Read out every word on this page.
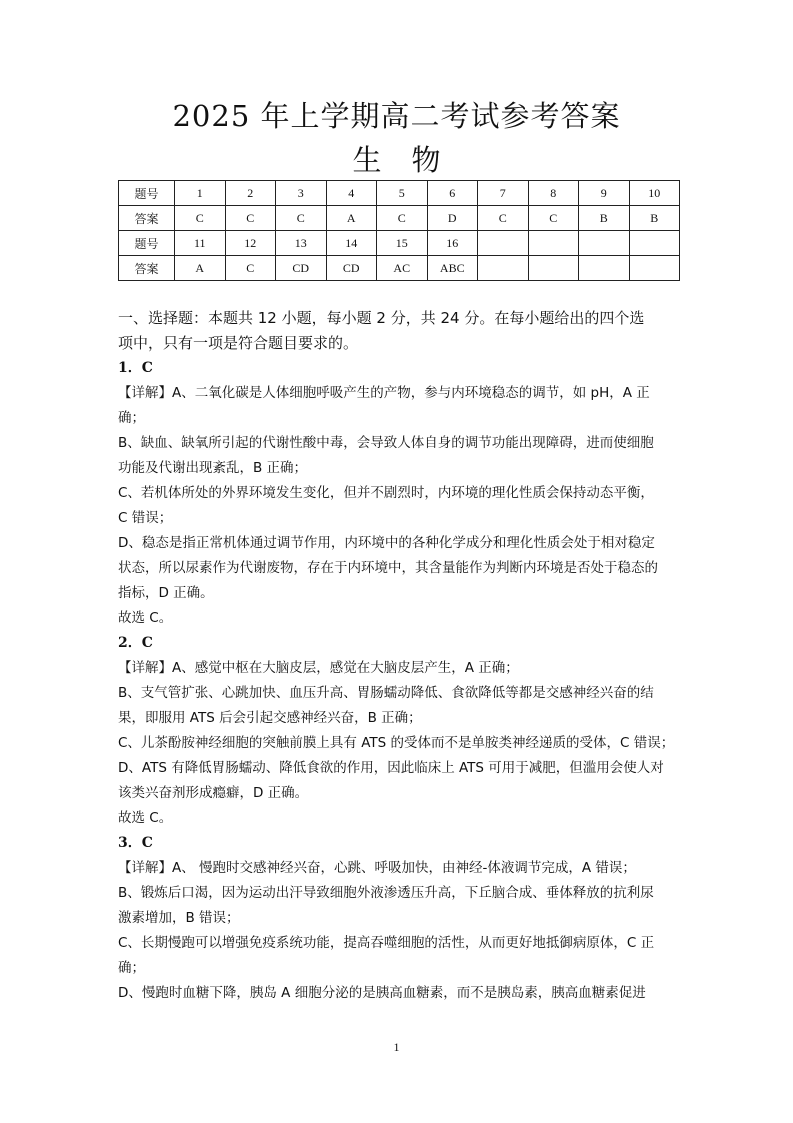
2025 年上学期高二考试参考答案
生物
题号	1	2	3	4	5	6	7	8	9	10
答案	C	C	C	A	C	D	C	C	B	B
题号	11	12	13	14	15	16				
答案	A	C	CD	CD	AC	ABC				

一、选择题：本题共 12 小题，每小题 2 分，共 24 分。在每小题给出的四个选

项中，只有一项是符合题目要求的。

1．C

【详解】A、二氧化碳是人体细胞呼吸产生的产物，参与内环境稳态的调节，如 pH，A 正

确；

B、缺血、缺氧所引起的代谢性酸中毒，会导致人体自身的调节功能出现障碍，进而使细胞

功能及代谢出现紊乱，B 正确；

C、若机体所处的外界环境发生变化，但并不剧烈时，内环境的理化性质会保持动态平衡，

C 错误；

D、稳态是指正常机体通过调节作用，内环境中的各种化学成分和理化性质会处于相对稳定

状态，所以尿素作为代谢废物，存在于内环境中，其含量能作为判断内环境是否处于稳态的

指标，D 正确。

故选 C。

2．C

【详解】A、感觉中枢在大脑皮层，感觉在大脑皮层产生，A 正确；

B、支气管扩张、心跳加快、血压升高、胃肠蠕动降低、食欲降低等都是交感神经兴奋的结

果，即服用 ATS 后会引起交感神经兴奋，B 正确；

C、儿茶酚胺神经细胞的突触前膜上具有 ATS 的受体而不是单胺类神经递质的受体，C 错误；

D、ATS 有降低胃肠蠕动、降低食欲的作用，因此临床上 ATS 可用于减肥，但滥用会使人对

该类兴奋剂形成瘾癖，D 正确。

故选 C。

3．C

【详解】A、 慢跑时交感神经兴奋，心跳、呼吸加快，由神经-体液调节完成，A 错误；

B、锻炼后口渴，因为运动出汗导致细胞外液渗透压升高，下丘脑合成、垂体释放的抗利尿

激素增加，B 错误；

C、长期慢跑可以增强免疫系统功能，提高吞噬细胞的活性，从而更好地抵御病原体，C 正

确；

D、慢跑时血糖下降，胰岛 A 细胞分泌的是胰高血糖素，而不是胰岛素，胰高血糖素促进

1
